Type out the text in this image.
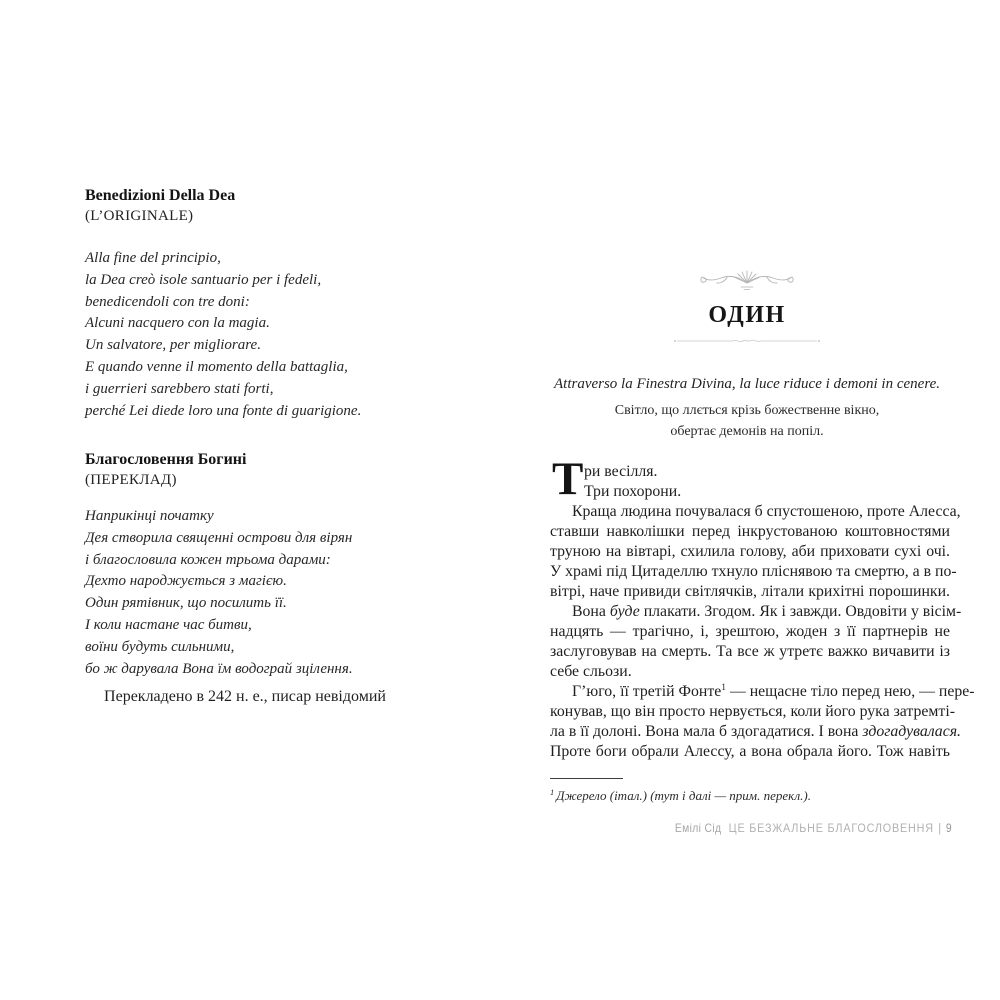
Benedizioni Della Dea
(L’ORIGINALE)
Alla fine del principio,
la Dea creò isole santuario per i fedeli,
benedicendoli con tre doni:
Alcuni nacquero con la magia.
Un salvatore, per migliorare.
E quando venne il momento della battaglia,
i guerrieri sarebbero stati forti,
perché Lei diede loro una fonte di guarigione.
Благословення Богині
(ПЕРЕКЛАД)
Наприкінці початку
Дея створила священні острови для вірян
і благословила кожен трьома дарами:
Дехто народжується з магією.
Один рятівник, що посилить її.
І коли настане час битви,
воїни будуть сильними,
бо ж дарувала Вона їм водограй зцілення.
Перекладено в 242 н. е., писар невідомий
ОДИН
Attraverso la Finestra Divina, la luce riduce i demoni in cenere.
Світло, що ллється крізь божественне вікно,
обертає демонів на попіл.
Т ри весілля.
Три похорони.
Краща людина почувалася б спустошеною, проте Алесса,
ставши навколішки перед інкрустованою коштовностями
труною на вівтарі, схилила голову, аби приховати сухі очі.
У храмі під Цитаделлю тхнуло пліснявою та смертю, а в по-
вітрі, наче привиди світлячків, літали крихітні порошинки.
Вона буде плакати. Згодом. Як і завжди. Овдовіти у вісім-
надцять — трагічно, і, зрештою, жоден з її партнерів не
заслуговував на смерть. Та все ж утретє важко вичавити із
себе сльози.
Г’юго, її третій Фонте$^1$ — нещасне тіло перед нею, — пере-
конував, що він просто нервується, коли його рука затремті-
ла в її долоні. Вона мала б здогадатися. І вона здогадувалася.
Проте боги обрали Алессу, а вона обрала його. Тож навіть
$^1$ Джерело (італ.) (тут і далі — прим. перекл.).
Емілі Сід ЦЕ БЕЗЖАЛЬНЕ БЛАГОСЛОВЕННЯ | 9
